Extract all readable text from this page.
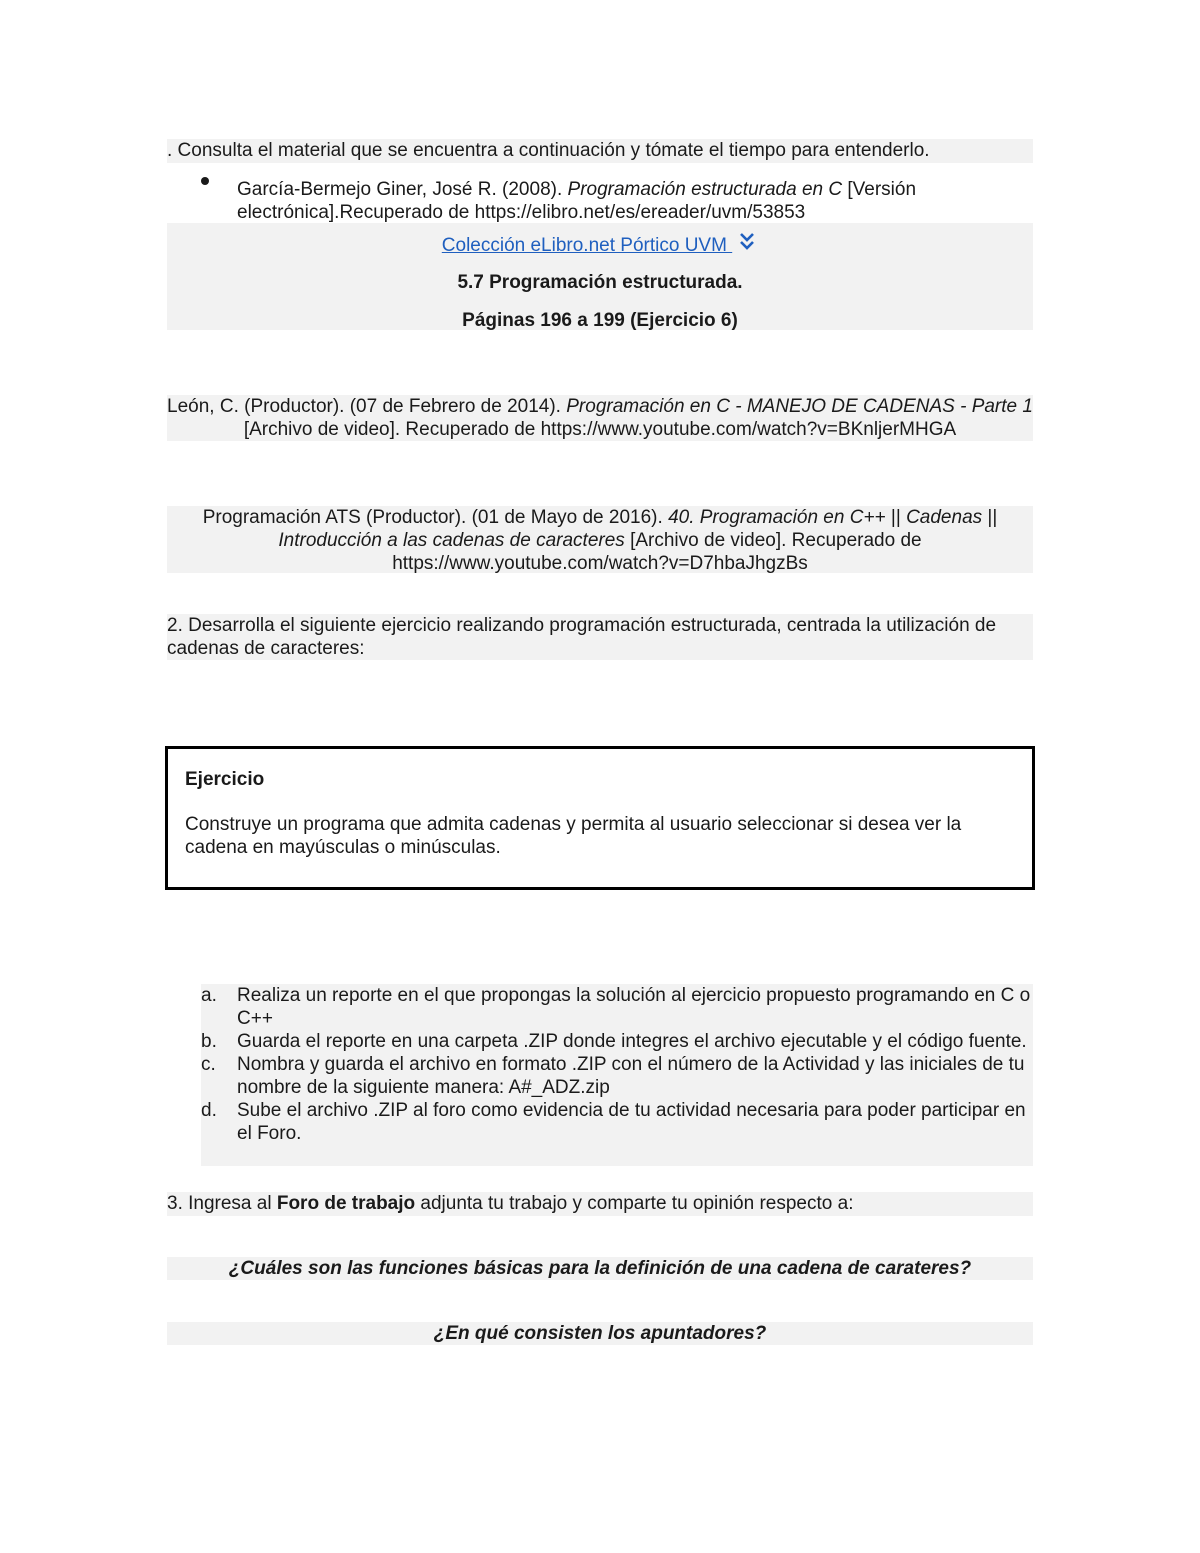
. Consulta el material que se encuentra a continuación y tómate el tiempo para entenderlo.
García-Bermejo Giner, José R. (2008). Programación estructurada en C [Versión electrónica].Recuperado de https://elibro.net/es/ereader/uvm/53853
Colección eLibro.net Pórtico UVM
5.7 Programación estructurada.
Páginas 196 a 199 (Ejercicio 6)
León, C. (Productor). (07 de Febrero de 2014). Programación en C - MANEJO DE CADENAS - Parte 1 [Archivo de video]. Recuperado de https://www.youtube.com/watch?v=BKnljerMHGA
Programación ATS (Productor). (01 de Mayo de 2016). 40. Programación en C++ || Cadenas || Introducción a las cadenas de caracteres [Archivo de video]. Recuperado de https://www.youtube.com/watch?v=D7hbaJhgzBs
2. Desarrolla el siguiente ejercicio realizando programación estructurada, centrada la utilización de cadenas de caracteres:
Ejercicio
Construye un programa que admita cadenas y permita al usuario seleccionar si desea ver la cadena en mayúsculas o minúsculas.
a. Realiza un reporte en el que propongas la solución al ejercicio propuesto programando en C o C++
b. Guarda el reporte en una carpeta .ZIP donde integres el archivo ejecutable y el código fuente.
c. Nombra y guarda el archivo en formato .ZIP con el número de la Actividad y las iniciales de tu nombre de la siguiente manera: A#_ADZ.zip
d. Sube el archivo .ZIP al foro como evidencia de tu actividad necesaria para poder participar en el Foro.
3. Ingresa al Foro de trabajo adjunta tu trabajo y comparte tu opinión respecto a:
¿Cuáles son las funciones básicas para la definición de una cadena de carateres?
¿En qué consisten los apuntadores?
